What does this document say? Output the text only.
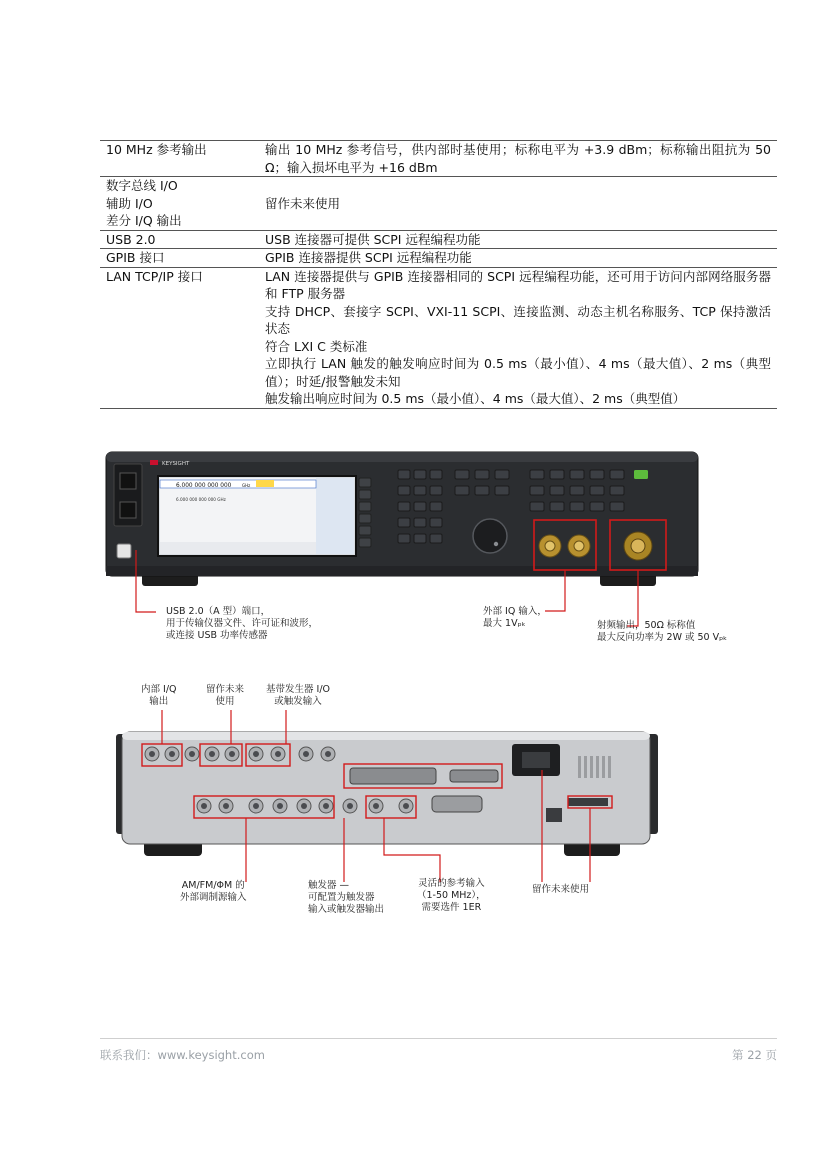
10 MHz 参考输出	输出 10 MHz 参考信号，供内部时基使用；标称电平为 +3.9 dBm；标称输出阻抗为 50 Ω；输入损坏电平为 +16 dBm

数字总线 I/O
辅助 I/O
差分 I/Q 输出	留作未来使用

USB 2.0	USB 连接器可提供 SCPI 远程编程功能

GPIB 接口	GPIB 连接器提供 SCPI 远程编程功能

LAN TCP/IP 接口	LAN 连接器提供与 GPIB 连接器相同的 SCPI 远程编程功能，还可用于访问内部网络服务器和 FTP 服务器
支持 DHCP、套接字 SCPI、VXI-11 SCPI、连接监测、动态主机名称服务、TCP 保持激活状态
符合 LXI C 类标准
立即执行 LAN 触发的触发响应时间为 0.5 ms（最小值）、4 ms（最大值）、2 ms（典型值）；时延/报警触发未知
触发输出响应时间为 0.5 ms（最小值）、4 ms（最大值）、2 ms（典型值）
KEYSIGHT
6.000 000 000 000	GHz
6.000 000 000 000 GHz
USB 2.0（A 型）端口，
用于传输仪器文件、许可证和波形，
或连接 USB 功率传感器
外部 IQ 输入，
最大 1Vₚₖ	射频输出，50Ω 标称值
最大反向功率为 2W 或 50 Vₚₖ
内部 I/Q
输出
留作未来
使用
基带发生器 I/O
或触发输入
AM/FM/ΦM 的
外部调制源输入
触发器 —
可配置为触发器
输入或触发器输出
灵活的参考输入
（1-50 MHz），
需要选件 1ER
留作未来使用
联系我们：www.keysight.com	第 22 页
